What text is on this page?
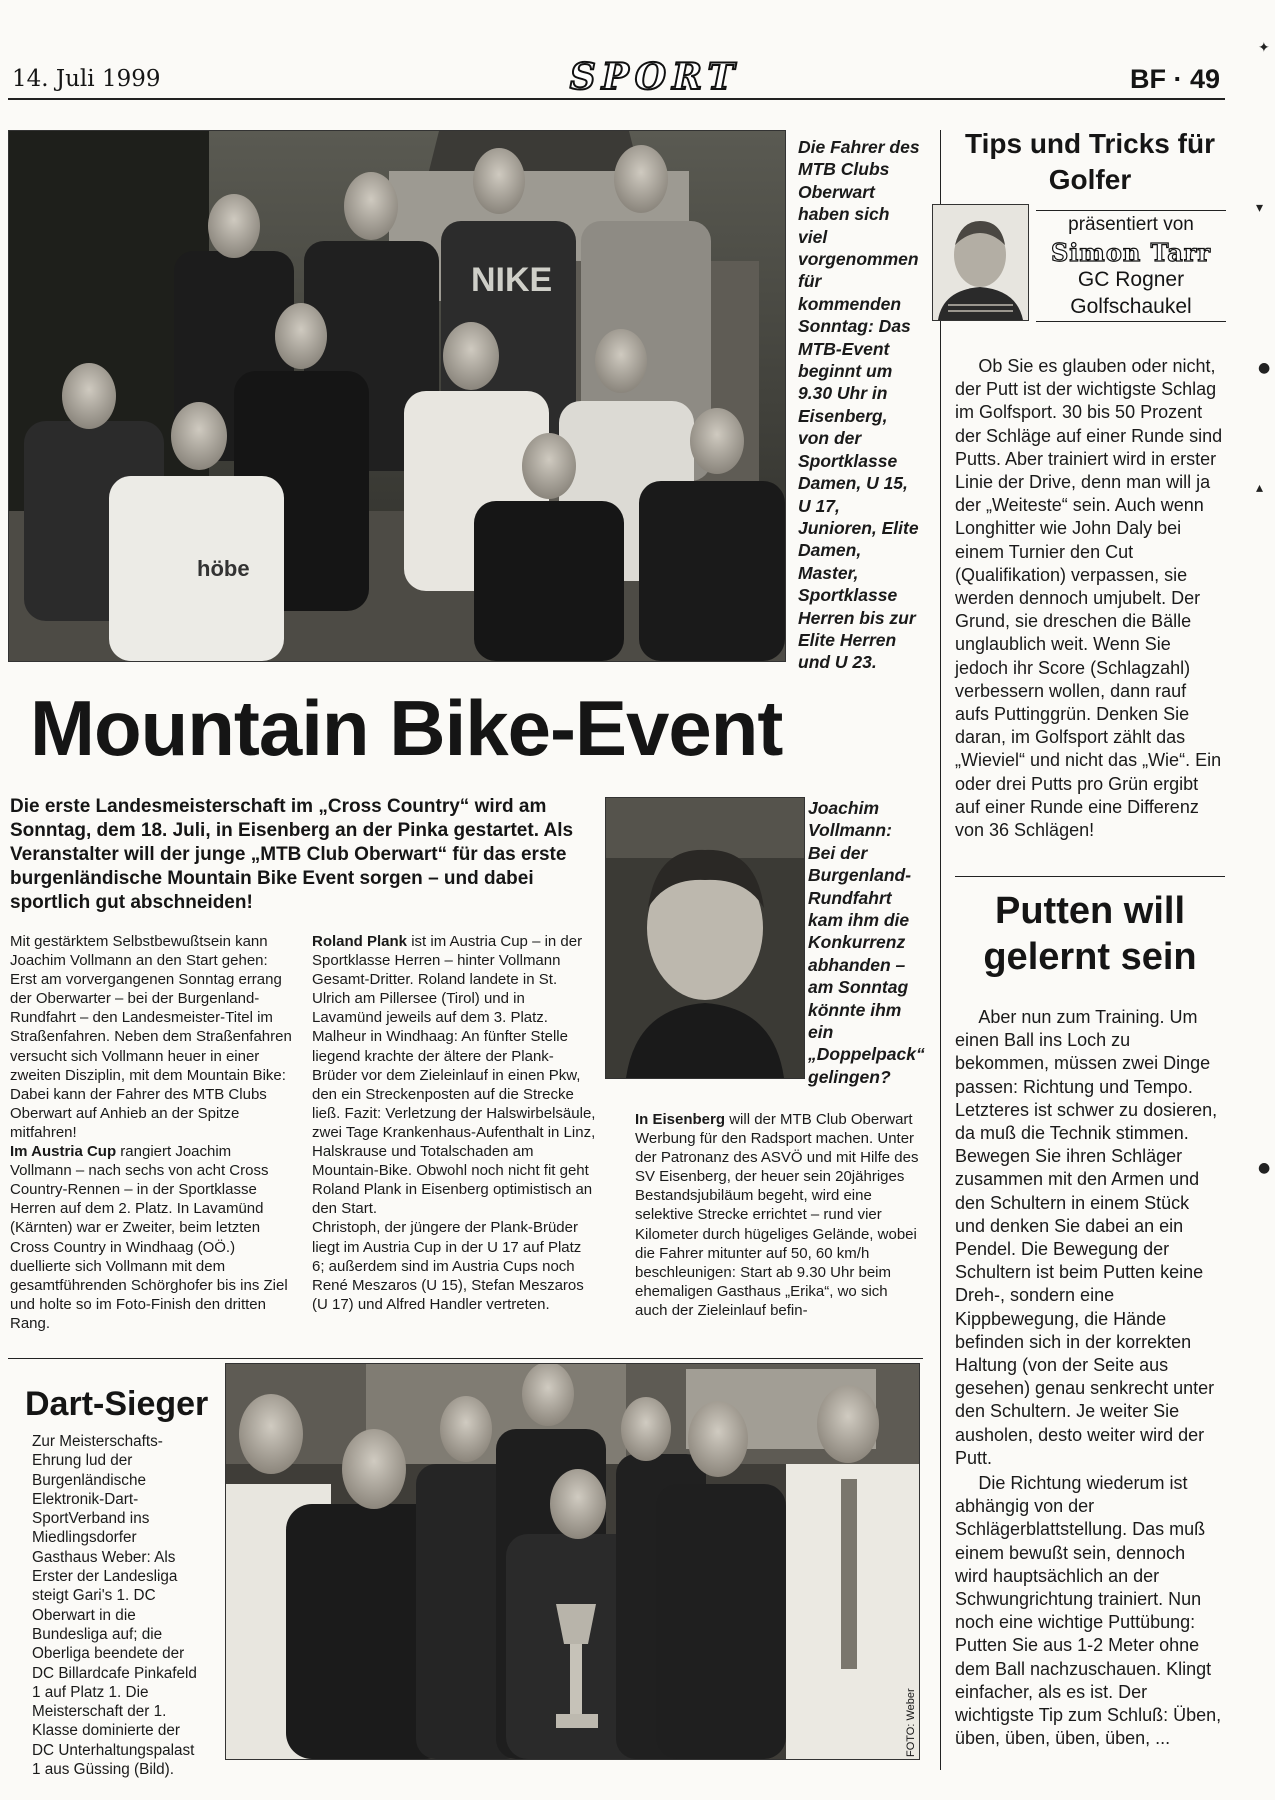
14. Juli 1999	SPORT	BF · 49
NIKE
höbe
Die Fahrer des MTB Clubs Oberwart haben sich viel vorgenommen für kommenden Sonntag: Das MTB-Event beginnt um 9.30 Uhr in Eisenberg, von der Sportklasse Damen, U 15, U 17, Junioren, Elite Damen, Master, Sportklasse Herren bis zur Elite Herren und U 23.
Mountain Bike-Event
Die erste Landesmeisterschaft im „Cross Country“ wird am Sonntag, dem 18. Juli, in Eisenberg an der Pinka gestartet. Als Veranstalter will der junge „MTB Club Oberwart“ für das erste burgenländische Mountain Bike Event sorgen – und dabei sportlich gut abschneiden!
Mit gestärktem Selbstbewußtsein kann Joachim Vollmann an den Start gehen: Erst am vorvergangenen Sonntag errang der Oberwarter – bei der Burgenland-Rundfahrt – den Landesmeister-Titel im Straßenfahren. Neben dem Straßenfahren versucht sich Vollmann heuer in einer zweiten Disziplin, mit dem Mountain Bike: Dabei kann der Fahrer des MTB Clubs Oberwart auf Anhieb an der Spitze mitfahren!
Im Austria Cup rangiert Joachim Vollmann – nach sechs von acht Cross Country-Rennen – in der Sportklasse Herren auf dem 2. Platz. In Lavamünd (Kärnten) war er Zweiter, beim letzten Cross Country in Windhaag (OÖ.) duellierte sich Vollmann mit dem gesamtführenden Schörghofer bis ins Ziel und holte so im Foto-Finish den dritten Rang.
Roland Plank ist im Austria Cup – in der Sportklasse Herren – hinter Vollmann Gesamt-Dritter. Roland landete in St. Ulrich am Pillersee (Tirol) und in Lavamünd jeweils auf dem 3. Platz. Malheur in Windhaag: An fünfter Stelle liegend krachte der ältere der Plank-Brüder vor dem Zieleinlauf in einen Pkw, den ein Streckenposten auf die Strecke ließ. Fazit: Verletzung der Halswirbelsäule, zwei Tage Krankenhaus-Aufenthalt in Linz, Halskrause und Totalschaden am Mountain-Bike. Obwohl noch nicht fit geht Roland Plank in Eisenberg optimistisch an den Start.
Christoph, der jüngere der Plank-Brüder liegt im Austria Cup in der U 17 auf Platz 6; außerdem sind im Austria Cups noch René Meszaros (U 15), Stefan Meszaros (U 17) und Alfred Handler vertreten.
Joachim Vollmann: Bei der Burgenland-Rundfahrt kam ihm die Konkurrenz abhanden – am Sonntag könnte ihm ein „Doppelpack“ gelingen?
In Eisenberg will der MTB Club Oberwart Werbung für den Radsport machen. Unter der Patronanz des ASVÖ und mit Hilfe des SV Eisenberg, der heuer sein 20jähriges Bestandsjubiläum begeht, wird eine selektive Strecke errichtet – rund vier Kilometer durch hügeliges Gelände, wobei die Fahrer mitunter auf 50, 60 km/h beschleunigen: Start ab 9.30 Uhr beim ehemaligen Gasthaus „Erika“, wo sich auch der Zieleinlauf befin-
Dart-Sieger
Zur Meisterschafts-Ehrung lud der Burgenländische Elektronik-Dart-SportVerband ins Miedlingsdorfer Gasthaus Weber: Als Erster der Landesliga steigt Gari's 1. DC Oberwart in die Bundesliga auf; die Oberliga beendete der DC Billardcafe Pinkafeld 1 auf Platz 1. Die Meisterschaft der 1. Klasse dominierte der DC Unterhaltungspalast 1 aus Güssing (Bild).
FOTO: Weber
Tips und Tricks für Golfer
präsentiert von
Simon Tarr
GC Rogner
Golfschaukel
Ob Sie es glauben oder nicht, der Putt ist der wichtigste Schlag im Golfsport. 30 bis 50 Prozent der Schläge auf einer Runde sind Putts. Aber trainiert wird in erster Linie der Drive, denn man will ja der „Weiteste“ sein. Auch wenn Longhitter wie John Daly bei einem Turnier den Cut (Qualifikation) verpassen, sie werden dennoch umjubelt. Der Grund, sie dreschen die Bälle unglaublich weit. Wenn Sie jedoch ihr Score (Schlagzahl) verbessern wollen, dann rauf aufs Puttinggrün. Denken Sie daran, im Golfsport zählt das „Wieviel“ und nicht das „Wie“. Ein oder drei Putts pro Grün ergibt auf einer Runde eine Differenz von 36 Schlägen!
Putten will gelernt sein
Aber nun zum Training. Um einen Ball ins Loch zu bekommen, müssen zwei Dinge passen: Richtung und Tempo. Letzteres ist schwer zu dosieren, da muß die Technik stimmen. Bewegen Sie ihren Schläger zusammen mit den Armen und den Schultern in einem Stück und denken Sie dabei an ein Pendel. Die Bewegung der Schultern ist beim Putten keine Dreh-, sondern eine Kippbewegung, die Hände befinden sich in der korrekten Haltung (von der Seite aus gesehen) genau senkrecht unter den Schultern. Je weiter Sie ausholen, desto weiter wird der Putt.
Die Richtung wiederum ist abhängig von der Schlägerblattstellung. Das muß einem bewußt sein, dennoch wird hauptsächlich an der Schwungrichtung trainiert. Nun noch eine wichtige Puttübung: Putten Sie aus 1-2 Meter ohne dem Ball nachzuschauen. Klingt einfacher, als es ist. Der wichtigste Tip zum Schluß: Üben, üben, üben, üben, üben, ...
✦
▾
●
▴
●
